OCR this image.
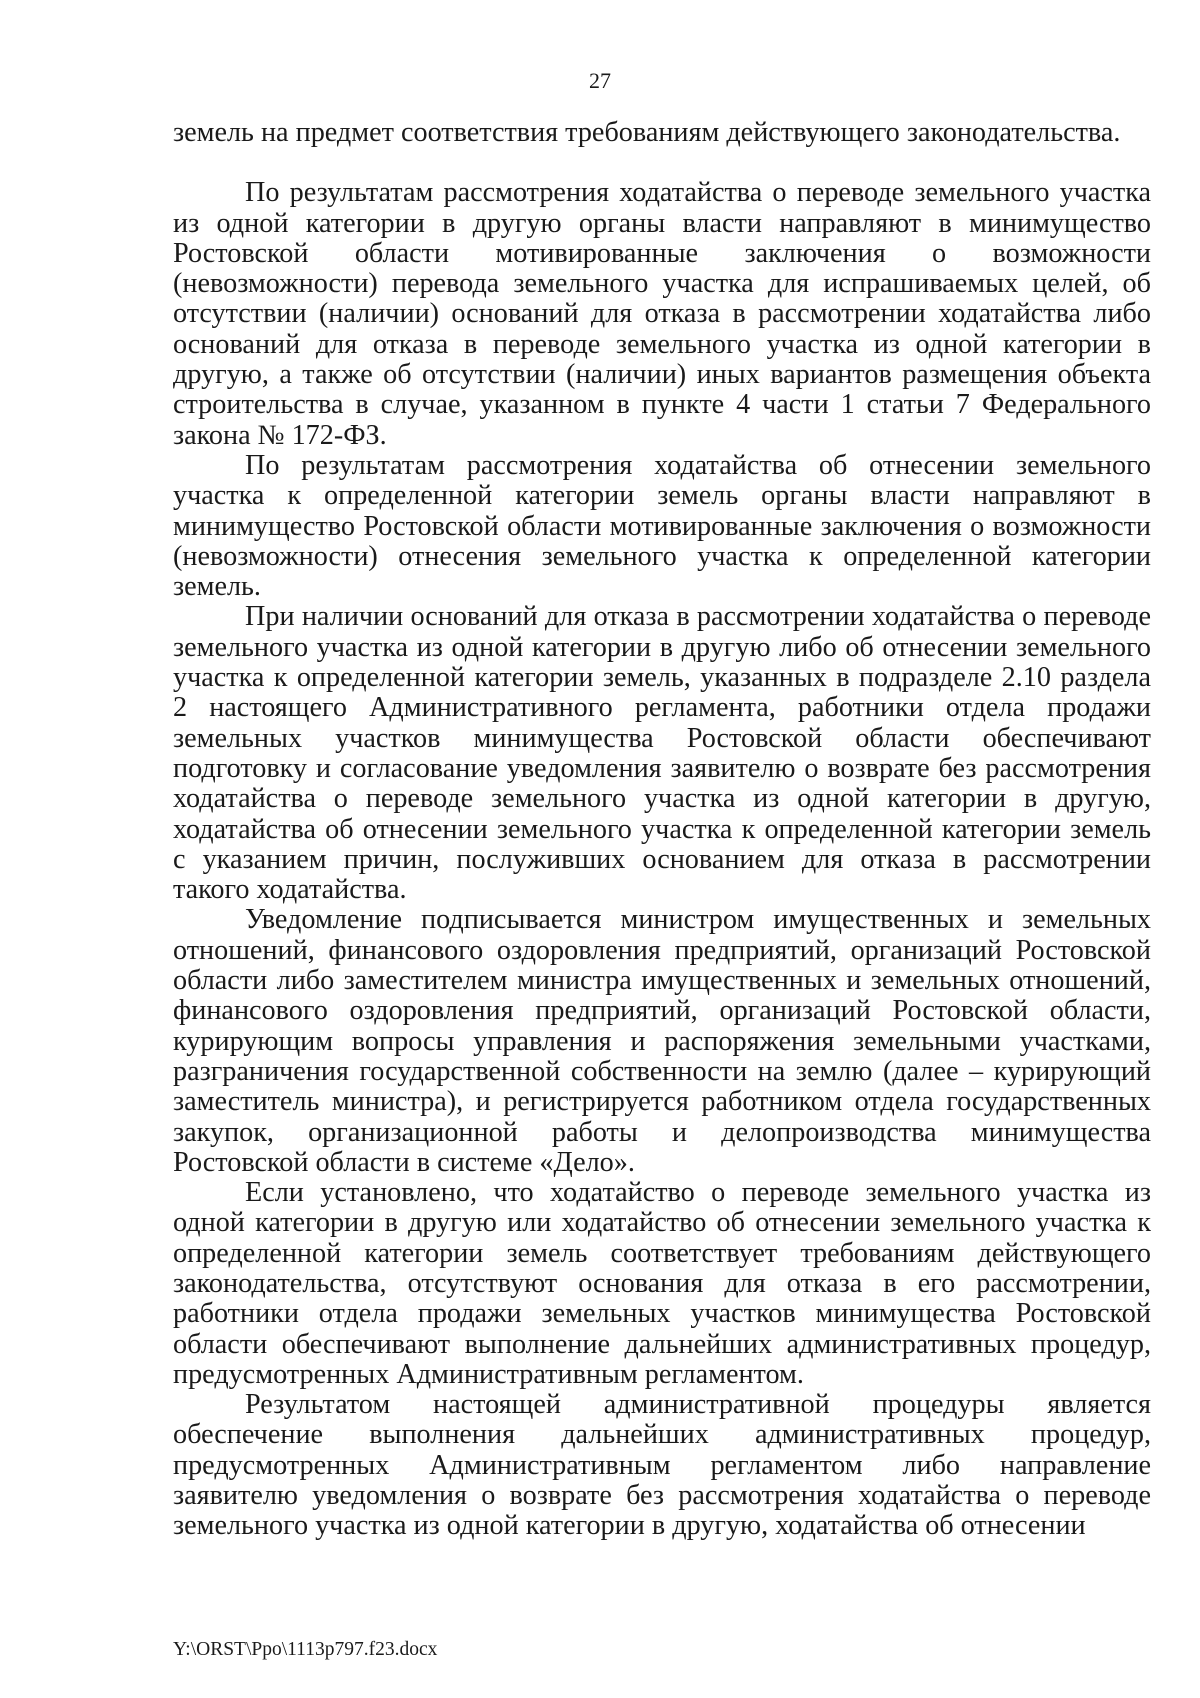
27

земель на предмет соответствия требованиям действующего законодательства.

По результатам рассмотрения ходатайства о переводе земельного участка из одной категории в другую органы власти направляют в минимущество Ростовской области мотивированные заключения о возможности (невозможности) перевода земельного участка для испрашиваемых целей, об отсутствии (наличии) оснований для отказа в рассмотрении ходатайства либо оснований для отказа в переводе земельного участка из одной категории в другую, а также об отсутствии (наличии) иных вариантов размещения объекта строительства в случае, указанном в пункте 4 части 1 статьи 7 Федерального закона № 172-ФЗ.

По результатам рассмотрения ходатайства об отнесении земельного участка к определенной категории земель органы власти направляют в минимущество Ростовской области мотивированные заключения о возможности (невозможности) отнесения земельного участка к определенной категории земель.

При наличии оснований для отказа в рассмотрении ходатайства о переводе земельного участка из одной категории в другую либо об отнесении земельного участка к определенной категории земель, указанных в подразделе 2.10 раздела 2 настоящего Административного регламента, работники отдела продажи земельных участков минимущества Ростовской области обеспечивают подготовку и согласование уведомления заявителю о возврате без рассмотрения ходатайства о переводе земельного участка из одной категории в другую, ходатайства об отнесении земельного участка к определенной категории земель с указанием причин, послуживших основанием для отказа в рассмотрении такого ходатайства.

Уведомление подписывается министром имущественных и земельных отношений, финансового оздоровления предприятий, организаций Ростовской области либо заместителем министра имущественных и земельных отношений, финансового оздоровления предприятий, организаций Ростовской области, курирующим вопросы управления и распоряжения земельными участками, разграничения государственной собственности на землю (далее – курирующий заместитель министра), и регистрируется работником отдела государственных закупок, организационной работы и делопроизводства минимущества Ростовской области в системе «Дело».

Если установлено, что ходатайство о переводе земельного участка из одной категории в другую или ходатайство об отнесении земельного участка к определенной категории земель соответствует требованиям действующего законодательства, отсутствуют основания для отказа в его рассмотрении, работники отдела продажи земельных участков минимущества Ростовской области обеспечивают выполнение дальнейших административных процедур, предусмотренных Административным регламентом.

Результатом настоящей административной процедуры является обеспечение выполнения дальнейших административных процедур, предусмотренных Административным регламентом либо направление заявителю уведомления о возврате без рассмотрения ходатайства о переводе земельного участка из одной категории в другую, ходатайства об отнесении

Y:\ORST\Ppo\1113p797.f23.docx
